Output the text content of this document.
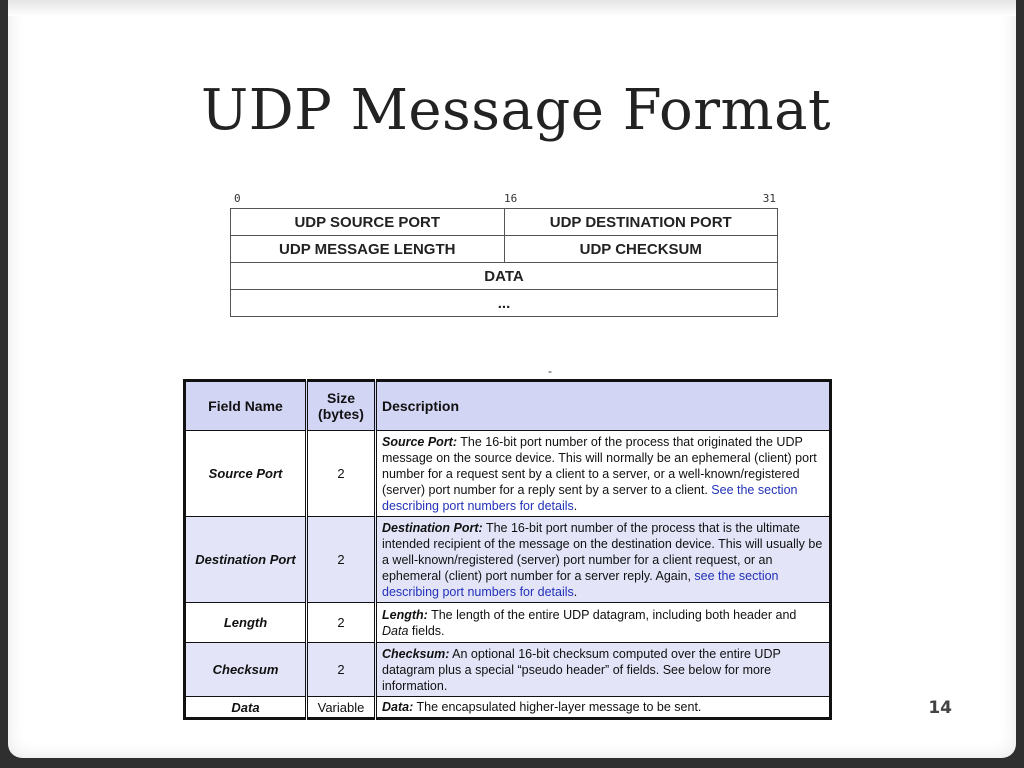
UDP Message Format
0	16	31
UDP SOURCE PORT	UDP DESTINATION PORT
UDP MESSAGE LENGTH	UDP CHECKSUM
DATA	
...	
-
Field Name	Size (bytes)	Description
Source Port	2	Source Port: The 16-bit port number of the process that originated the UDP message on the source device. This will normally be an ephemeral (client) port number for a request sent by a client to a server, or a well-known/registered (server) port number for a reply sent by a server to a client. See the section describing port numbers for details.
Destination Port	2	Destination Port: The 16-bit port number of the process that is the ultimate intended recipient of the message on the destination device. This will usually be a well-known/registered (server) port number for a client request, or an ephemeral (client) port number for a server reply. Again, see the section describing port numbers for details.
Length	2	Length: The length of the entire UDP datagram, including both header and Data fields.
Checksum	2	Checksum: An optional 16-bit checksum computed over the entire UDP datagram plus a special “pseudo header” of fields. See below for more information.
Data	Variable	Data: The encapsulated higher-layer message to be sent.	14
